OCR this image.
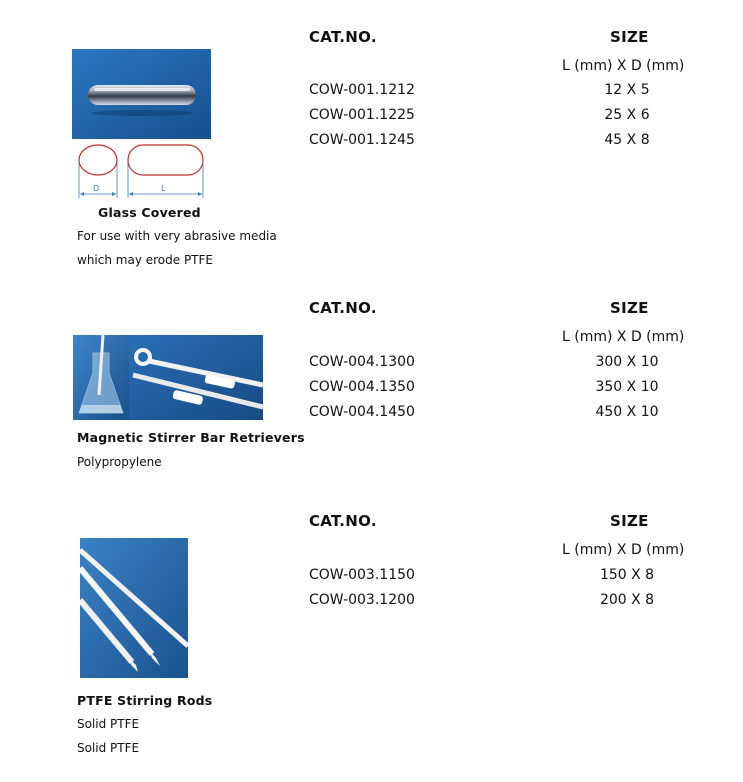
CAT.NO.	SIZE
L (mm) X D (mm)
COW-001.1212	12 X 5
COW-001.1225	25 X 6
COW-001.1245	45 X 8
D	L
Glass Covered
For use with very abrasive media
which may erode PTFE
CAT.NO.	SIZE
L (mm) X D (mm)
COW-004.1300	300 X 10
COW-004.1350	350 X 10
COW-004.1450	450 X 10
Magnetic Stirrer Bar Retrievers
Polypropylene
CAT.NO.	SIZE
L (mm) X D (mm)
COW-003.1150	150 X 8
COW-003.1200	200 X 8
PTFE Stirring Rods
Solid PTFE
Solid PTFE
